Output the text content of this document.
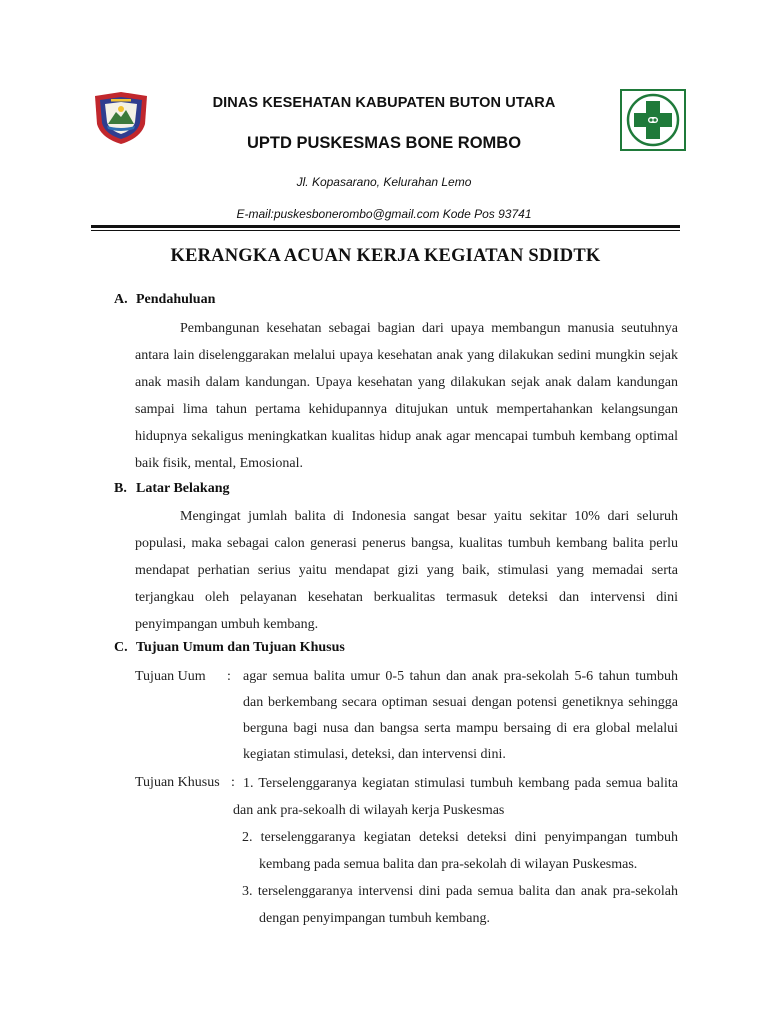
DINAS KESEHATAN KABUPATEN BUTON UTARA
UPTD PUSKESMAS BONE ROMBO
Jl. Kopasarano, Kelurahan Lemo
E-mail:puskesbonerombo@gmail.com Kode Pos 93741
KERANGKA ACUAN KERJA KEGIATAN SDIDTK
A. Pendahuluan

Pembangunan kesehatan sebagai bagian dari upaya membangun manusia seutuhnya antara lain diselenggarakan melalui upaya kesehatan anak yang dilakukan sedini mungkin sejak anak masih dalam kandungan. Upaya kesehatan yang dilakukan sejak anak dalam kandungan sampai lima tahun pertama kehidupannya ditujukan untuk mempertahankan kelangsungan hidupnya sekaligus meningkatkan kualitas hidup anak agar mencapai tumbuh kembang optimal baik fisik, mental, Emosional.

B. Latar Belakang

Mengingat jumlah balita di Indonesia sangat besar yaitu sekitar 10% dari seluruh populasi, maka sebagai calon generasi penerus bangsa, kualitas tumbuh kembang balita perlu mendapat perhatian serius yaitu mendapat gizi yang baik, stimulasi yang memadai serta terjangkau oleh pelayanan kesehatan berkualitas termasuk deteksi dan intervensi dini penyimpangan umbuh kembang.

C. Tujuan Umum dan Tujuan Khusus
Tujuan Uum : agar semua balita umur 0-5 tahun dan anak pra-sekolah 5-6 tahun tumbuh dan berkembang secara optiman sesuai dengan potensi genetiknya sehingga berguna bagi nusa dan bangsa serta mampu bersaing di era global melalui kegiatan stimulasi, deteksi, dan intervensi dini.

Tujuan Khusus : 1. Terselenggaranya kegiatan stimulasi tumbuh kembang pada semua balita dan ank pra-sekoalh di wilayah kerja Puskesmas

2. terselenggaranya kegiatan deteksi deteksi dini penyimpangan tumbuh kembang pada semua balita dan pra-sekolah di wilayan Puskesmas.

3. terselenggaranya intervensi dini pada semua balita dan anak pra-sekolah dengan penyimpangan tumbuh kembang.
